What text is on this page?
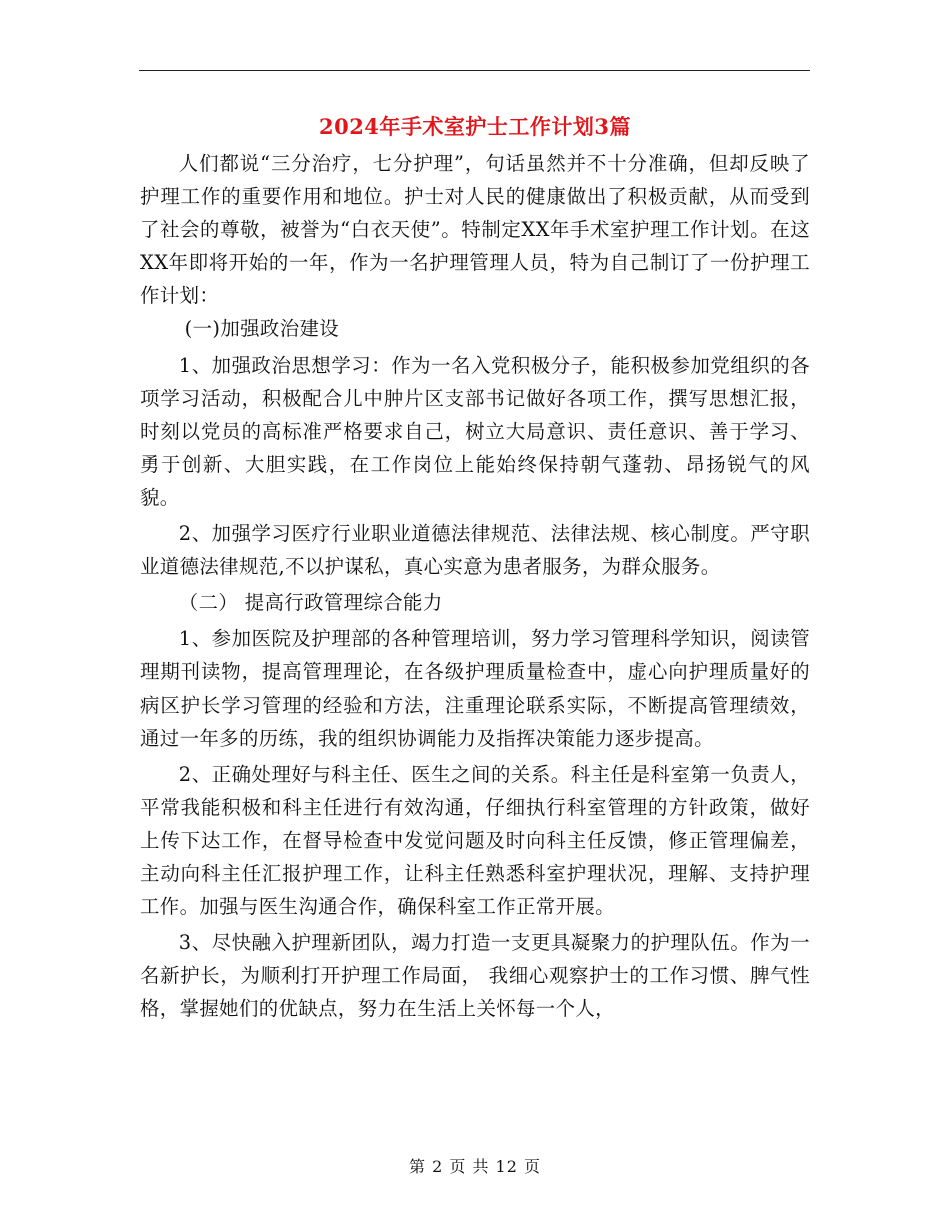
2024年手术室护士工作计划3篇

人们都说“三分治疗，七分护理”，句话虽然并不十分准确，但却反映了护理工作的重要作用和地位。护士对人民的健康做出了积极贡献，从而受到了社会的尊敬，被誉为“白衣天使”。特制定XX年手术室护理工作计划。在这XX年即将开始的一年，作为一名护理管理人员，特为自己制订了一份护理工作计划：

(一)加强政治建设

1、加强政治思想学习：作为一名入党积极分子，能积极参加党组织的各项学习活动，积极配合儿中肿片区支部书记做好各项工作，撰写思想汇报，时刻以党员的高标准严格要求自己，树立大局意识、责任意识、善于学习、勇于创新、大胆实践，在工作岗位上能始终保持朝气蓬勃、昂扬锐气的风貌。

2、加强学习医疗行业职业道德法律规范、法律法规、核心制度。严守职业道德法律规范,不以护谋私，真心实意为患者服务，为群众服务。

（二） 提高行政管理综合能力

1、参加医院及护理部的各种管理培训，努力学习管理科学知识，阅读管理期刊读物，提高管理理论，在各级护理质量检查中，虚心向护理质量好的病区护长学习管理的经验和方法，注重理论联系实际，不断提高管理绩效，通过一年多的历练，我的组织协调能力及指挥决策能力逐步提高。

2、正确处理好与科主任、医生之间的关系。科主任是科室第一负责人，平常我能积极和科主任进行有效沟通，仔细执行科室管理的方针政策，做好上传下达工作，在督导检查中发觉问题及时向科主任反馈，修正管理偏差，主动向科主任汇报护理工作，让科主任熟悉科室护理状况，理解、支持护理工作。加强与医生沟通合作，确保科室工作正常开展。

3、尽快融入护理新团队，竭力打造一支更具凝聚力的护理队伍。作为一名新护长，为顺利打开护理工作局面， 我细心观察护士的工作习惯、脾气性格，掌握她们的优缺点，努力在生活上关怀每一个人，

第 2 页 共 12 页
